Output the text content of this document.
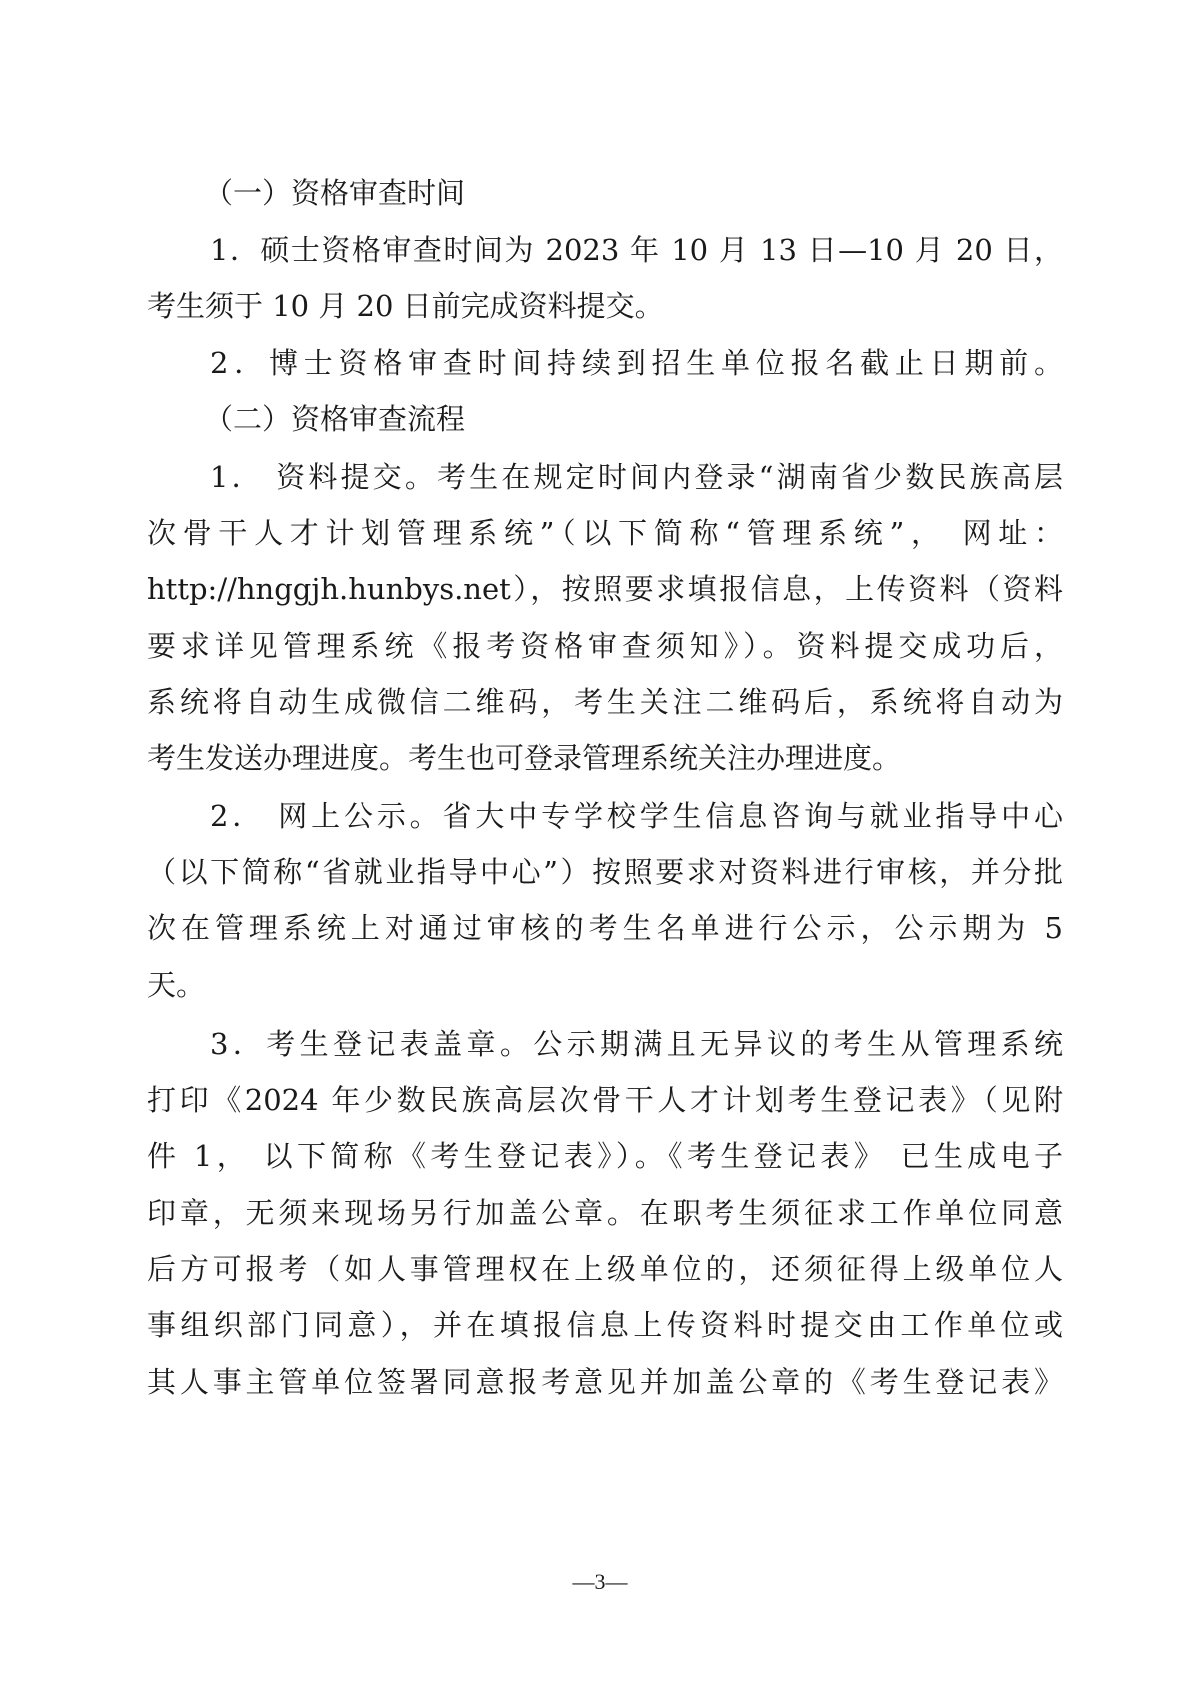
（一）资格审查时间
1．硕士资格审查时间为 2023 年 10 月 13 日—10 月 20 日，
考生须于 10 月 20 日前完成资料提交。
2．博士资格审查时间持续到招生单位报名截止日期前。
（二）资格审查流程
1． 资料提交。考生在规定时间内登录“湖南省少数民族高层
次骨干人才计划管理系统”（以下简称“管理系统”， 网址：
http://hnggjh.hunbys.net），按照要求填报信息，上传资料（资料
要求详见管理系统《报考资格审查须知》）。资料提交成功后，
系统将自动生成微信二维码，考生关注二维码后，系统将自动为
考生发送办理进度。考生也可登录管理系统关注办理进度。
2． 网上公示。省大中专学校学生信息咨询与就业指导中心
（以下简称“省就业指导中心”）按照要求对资料进行审核，并分批
次在管理系统上对通过审核的考生名单进行公示，公示期为 5
天。
3．考生登记表盖章。公示期满且无异议的考生从管理系统
打印《2024 年少数民族高层次骨干人才计划考生登记表》（见附
件 1， 以下简称《考生登记表》）。《考生登记表》 已生成电子
印章，无须来现场另行加盖公章。在职考生须征求工作单位同意
后方可报考（如人事管理权在上级单位的，还须征得上级单位人
事组织部门同意），并在填报信息上传资料时提交由工作单位或
其人事主管单位签署同意报考意见并加盖公章的《考生登记表》
—3—
